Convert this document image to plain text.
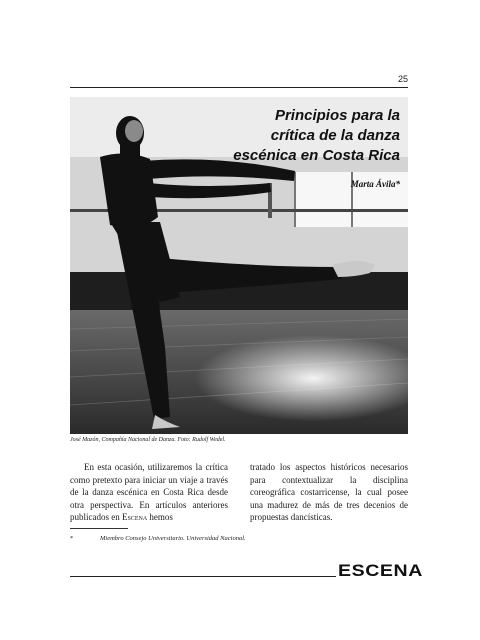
25
Principios para la
crítica de la danza
escénica en Costa Rica
Marta Ávila*
José Mazón, Compañía Nacional de Danza. Foto: Rudolf Wedel.
En esta ocasión, utilizaremos la crítica como pretexto para iniciar un viaje a través de la danza escénica en Costa Rica desde otra perspectiva. En artículos anteriores publicados en Escena hemos
tratado los aspectos históricos necesarios para contextualizar la disciplina coreográfica costarricense, la cual posee una madurez de más de tres decenios de propuestas dancísticas.
*	Miembro Consejo Universitario. Universidad Nacional.
ESCENA
